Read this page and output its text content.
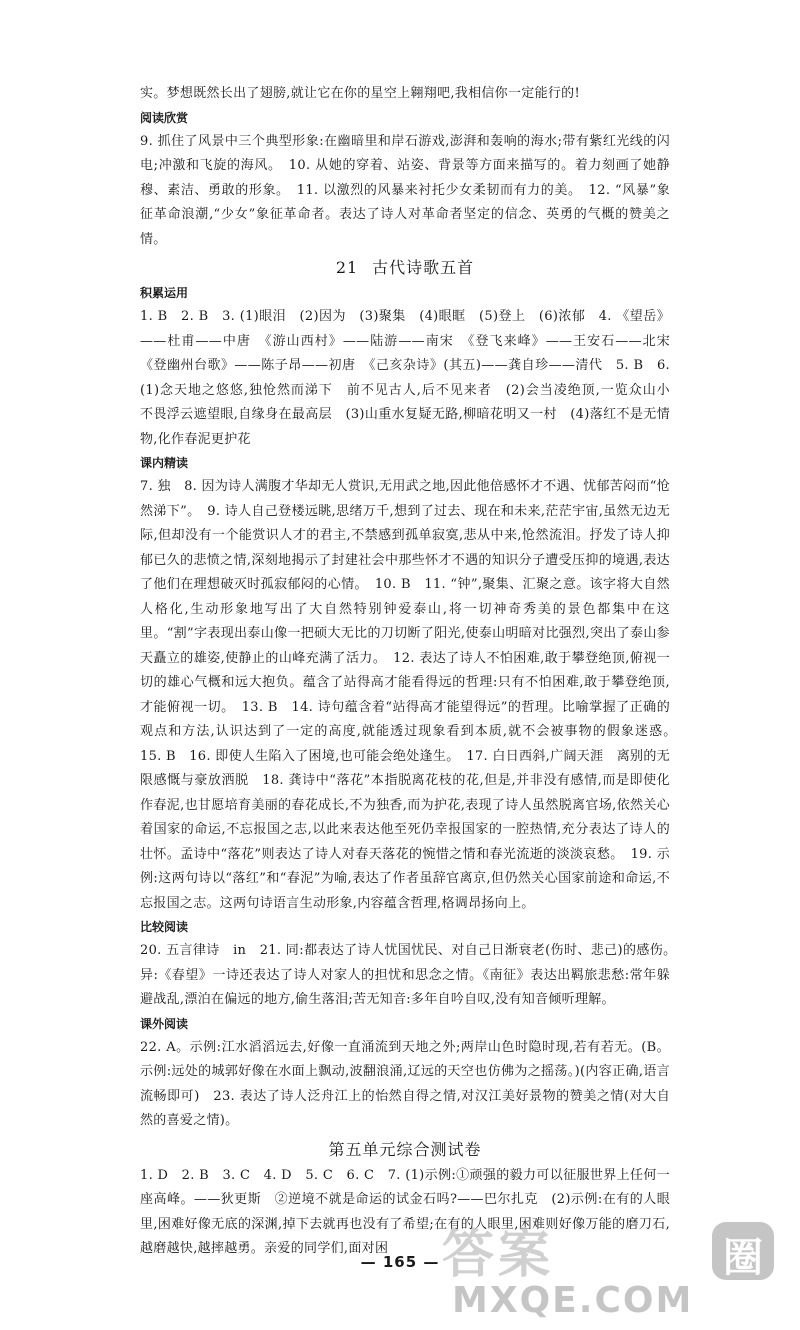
实。梦想既然长出了翅膀,就让它在你的星空上翱翔吧,我相信你一定能行的!

阅读欣赏

9. 抓住了风景中三个典型形象:在幽暗里和岸石游戏,澎湃和轰响的海水;带有紫红光线的闪电;冲激和飞旋的海风。　10. 从她的穿着、站姿、背景等方面来描写的。着力刻画了她静穆、素洁、勇敢的形象。　11. 以激烈的风暴来衬托少女柔韧而有力的美。　12. “风暴”象征革命浪潮,“少女”象征革命者。表达了诗人对革命者坚定的信念、英勇的气概的赞美之情。

21 古代诗歌五首

积累运用

1. B　2. B　3. (1)眼泪　(2)因为　(3)聚集　(4)眼眶　(5)登上　(6)浓郁　4. 《望岳》——杜甫——中唐　《游山西村》——陆游——南宋　《登飞来峰》——王安石——北宋　《登幽州台歌》——陈子昂——初唐　《己亥杂诗》(其五)——龚自珍——清代　5. B　6. (1)念天地之悠悠,独怆然而涕下　前不见古人,后不见来者　(2)会当凌绝顶,一览众山小　不畏浮云遮望眼,自缘身在最高层　(3)山重水复疑无路,柳暗花明又一村　(4)落红不是无情物,化作春泥更护花

课内精读

7. 独　8. 因为诗人满腹才华却无人赏识,无用武之地,因此他倍感怀才不遇、忧郁苦闷而“怆然涕下”。　9. 诗人自己登楼远眺,思绪万千,想到了过去、现在和未来,茫茫宇宙,虽然无边无际,但却没有一个能赏识人才的君主,不禁感到孤单寂寞,悲从中来,怆然流泪。抒发了诗人抑郁已久的悲愤之情,深刻地揭示了封建社会中那些怀才不遇的知识分子遭受压抑的境遇,表达了他们在理想破灭时孤寂郁闷的心情。　10. B　11. “钟”,聚集、汇聚之意。该字将大自然人格化,生动形象地写出了大自然特别钟爱泰山,将一切神奇秀美的景色都集中在这里。“割”字表现出泰山像一把硕大无比的刀切断了阳光,使泰山明暗对比强烈,突出了泰山参天矗立的雄姿,使静止的山峰充满了活力。　12. 表达了诗人不怕困难,敢于攀登绝顶,俯视一切的雄心气概和远大抱负。蕴含了站得高才能看得远的哲理:只有不怕困难,敢于攀登绝顶,才能俯视一切。　13. B　14. 诗句蕴含着“站得高才能望得远”的哲理。比喻掌握了正确的观点和方法,认识达到了一定的高度,就能透过现象看到本质,就不会被事物的假象迷惑。　15. B　16. 即使人生陷入了困境,也可能会绝处逢生。　17. 白日西斜,广阔天涯　离别的无限感慨与豪放洒脱　18. 龚诗中“落花”本指脱离花枝的花,但是,并非没有感情,而是即使化作春泥,也甘愿培育美丽的春花成长,不为独香,而为护花,表现了诗人虽然脱离官场,依然关心着国家的命运,不忘报国之志,以此来表达他至死仍幸报国家的一腔热情,充分表达了诗人的壮怀。孟诗中“落花”则表达了诗人对春天落花的惋惜之情和春光流逝的淡淡哀愁。　19. 示例:这两句诗以“落红”和“春泥”为喻,表达了作者虽辞官离京,但仍然关心国家前途和命运,不忘报国之志。这两句诗语言生动形象,内容蕴含哲理,格调昂扬向上。

比较阅读

20. 五言律诗　in　21. 同:都表达了诗人忧国忧民、对自己日渐衰老(伤时、悲己)的感伤。　异:《春望》一诗还表达了诗人对家人的担忧和思念之情。《南征》表达出羁旅悲愁:常年躲避战乱,漂泊在偏远的地方,偷生落泪;苦无知音:多年自吟自叹,没有知音倾听理解。

课外阅读

22. A。示例:江水滔滔远去,好像一直涌流到天地之外;两岸山色时隐时现,若有若无。(B。示例:远处的城郭好像在水面上飘动,波翻浪涌,辽远的天空也仿佛为之摇荡。)(内容正确,语言流畅即可)　23. 表达了诗人泛舟江上的怡然自得之情,对汉江美好景物的赞美之情(对大自然的喜爱之情)。

第五单元综合测试卷

1. D　2. B　3. C　4. D　5. C　6. C　7. (1)示例:①顽强的毅力可以征服世界上任何一座高峰。——狄更斯　②逆境不就是命运的试金石吗?——巴尔扎克　(2)示例:在有的人眼里,困难好像无底的深渊,掉下去就再也没有了希望;在有的人眼里,困难则好像万能的磨刀石,越磨越快,越摔越勇。亲爱的同学们,面对困

— 165 — 答案	圈
MXQE.COM
